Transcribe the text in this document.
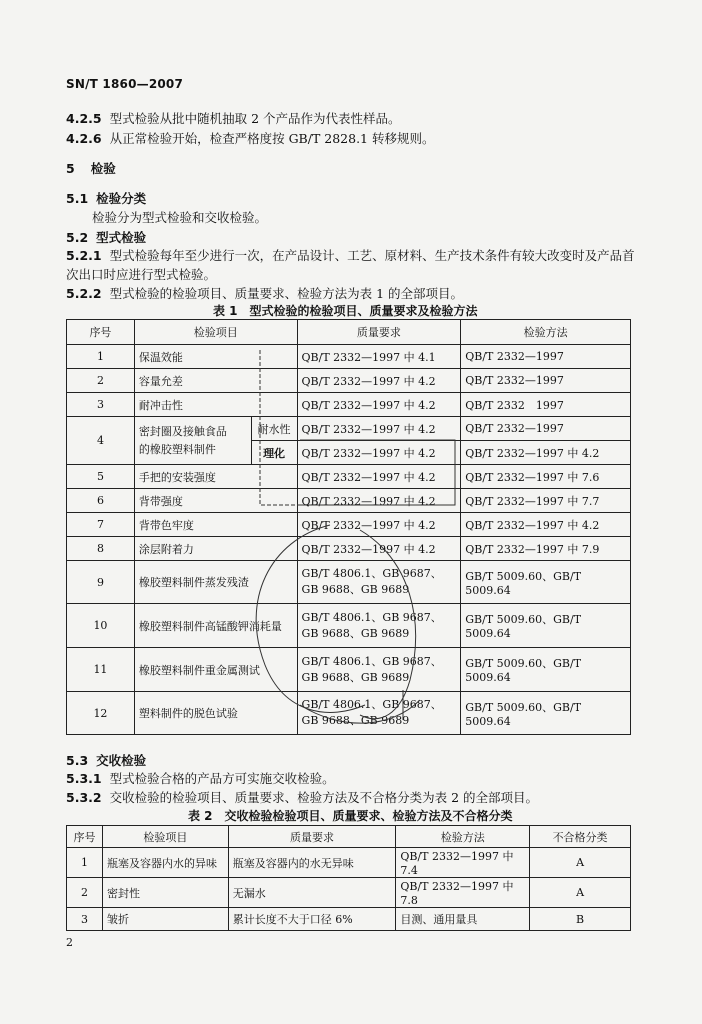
SN/T 1860—2007
4.2.5 型式检验从批中随机抽取 2 个产品作为代表性样品。
4.2.6 从正常检验开始，检查严格度按 GB/T 2828.1 转移规则。
5 检验
5.1 检验分类
检验分为型式检验和交收检验。
5.2 型式检验
5.2.1 型式检验每年至少进行一次，在产品设计、工艺、原材料、生产技术条件有较大改变时及产品首
次出口时应进行型式检验。
5.2.2 型式检验的检验项目、质量要求、检验方法为表 1 的全部项目。
表 1　型式检验的检验项目、质量要求及检验方法
序号	检验项目		质量要求	检验方法
1	保温效能		QB/T 2332—1997 中 4.1	QB/T 2332—1997
2	容量允差		QB/T 2332—1997 中 4.2	QB/T 2332—1997
3	耐冲击性		QB/T 2332—1997 中 4.2	QB/T 2332　1997
4	密封圈及接触食品
的橡胶塑料制件	耐水性	QB/T 2332—1997 中 4.2	QB/T 2332—1997
		理化	QB/T 2332—1997 中 4.2	QB/T 2332—1997 中 4.2
5	手把的安装强度		QB/T 2332—1997 中 4.2	QB/T 2332—1997 中 7.6
6	背带强度		QB/T 2332—1997 中 4.2	QB/T 2332—1997 中 7.7
7	背带色牢度		QB/T 2332—1997 中 4.2	QB/T 2332—1997 中 4.2
8	涂层附着力		QB/T 2332—1997 中 4.2	QB/T 2332—1997 中 7.9
9	橡胶塑料制件蒸发残渣		GB/T 4806.1、GB 9687、
GB 9688、GB 9689	GB/T 5009.60、GB/T 5009.64
10	橡胶塑料制件高锰酸钾消耗量		GB/T 4806.1、GB 9687、
GB 9688、GB 9689	GB/T 5009.60、GB/T 5009.64
11	橡胶塑料制件重金属测试		GB/T 4806.1、GB 9687、
GB 9688、GB 9689	GB/T 5009.60、GB/T 5009.64
12	塑料制件的脱色试验		GB/T 4806.1、GB 9687、
GB 9688、GB 9689	GB/T 5009.60、GB/T 5009.64
5.3 交收检验
5.3.1 型式检验合格的产品方可实施交收检验。
5.3.2 交收检验的检验项目、质量要求、检验方法及不合格分类为表 2 的全部项目。
表 2　交收检验检验项目、质量要求、检验方法及不合格分类
序号	检验项目	质量要求	检验方法	不合格分类
1	瓶塞及容器内水的异味	瓶塞及容器内的水无异味	QB/T 2332—1997 中 7.4	A
2	密封性	无漏水	QB/T 2332—1997 中 7.8	A
3	皱折	累计长度不大于口径 6%	目测、通用量具	B
2
